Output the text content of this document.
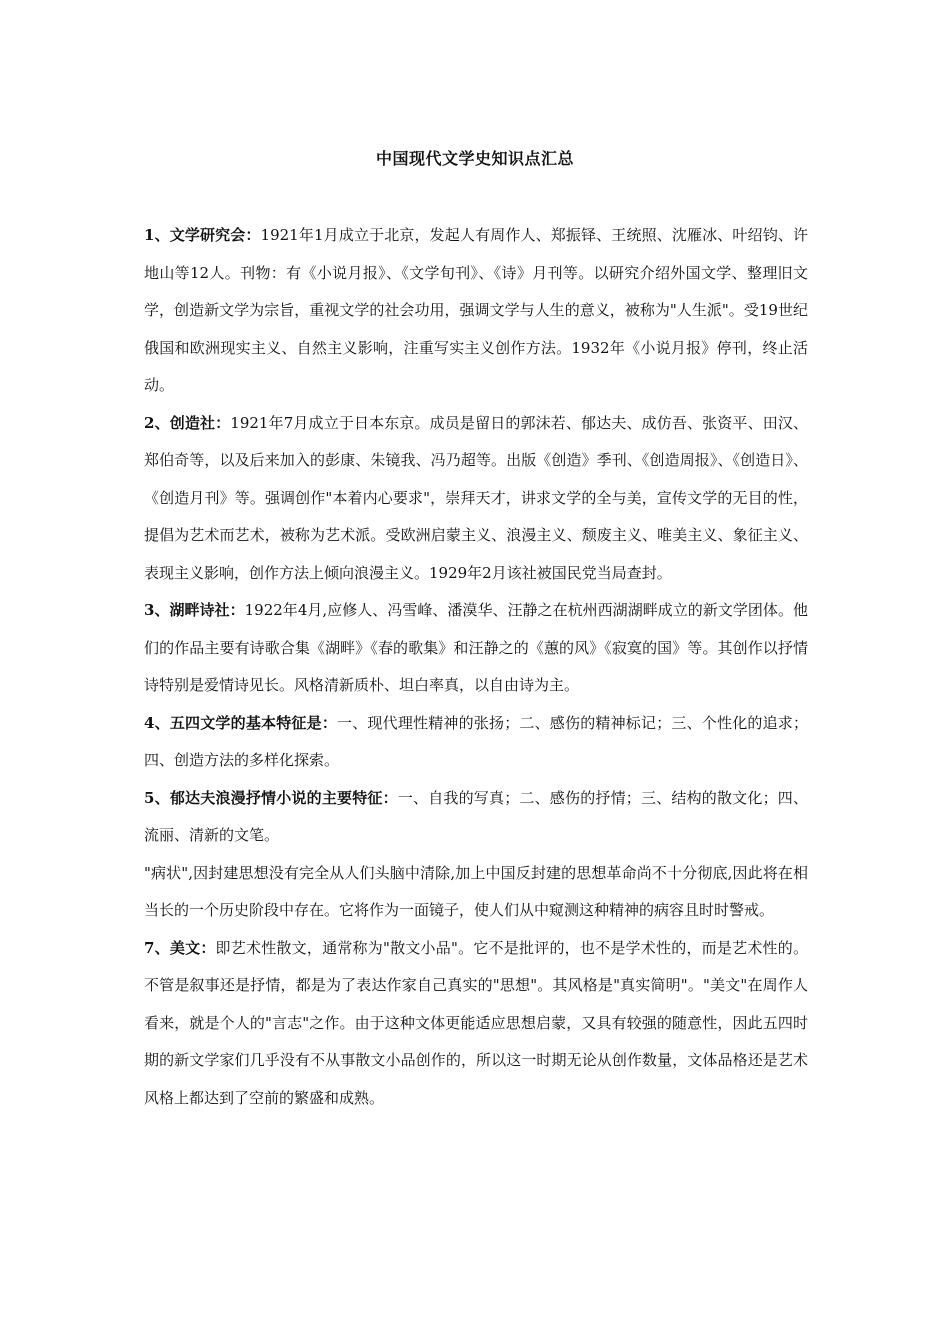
中国现代文学史知识点汇总

1、文学研究会：1921年1月成立于北京，发起人有周作人、郑振铎、王统照、沈雁冰、叶绍钧、许地山等12人。刊物：有《小说月报》、《文学旬刊》、《诗》月刊等。以研究介绍外国文学、整理旧文学，创造新文学为宗旨，重视文学的社会功用，强调文学与人生的意义，被称为"人生派"。受19世纪俄国和欧洲现实主义、自然主义影响，注重写实主义创作方法。1932年《小说月报》停刊，终止活动。

2、创造社：1921年7月成立于日本东京。成员是留日的郭沫若、郁达夫、成仿吾、张资平、田汉、郑伯奇等，以及后来加入的彭康、朱镜我、冯乃超等。出版《创造》季刊、《创造周报》、《创造日》、《创造月刊》等。强调创作"本着内心要求"，崇拜天才，讲求文学的全与美，宣传文学的无目的性，提倡为艺术而艺术，被称为艺术派。受欧洲启蒙主义、浪漫主义、颓废主义、唯美主义、象征主义、表现主义影响，创作方法上倾向浪漫主义。1929年2月该社被国民党当局查封。

3、湖畔诗社：1922年4月,应修人、冯雪峰、潘漠华、汪静之在杭州西湖湖畔成立的新文学团体。他们的作品主要有诗歌合集《湖畔》《春的歌集》和汪静之的《蕙的风》《寂寞的国》等。其创作以抒情诗特别是爱情诗见长。风格清新质朴、坦白率真，以自由诗为主。

4、五四文学的基本特征是：一、现代理性精神的张扬；二、感伤的精神标记；三、个性化的追求；四、创造方法的多样化探索。

5、郁达夫浪漫抒情小说的主要特征：一、自我的写真；二、感伤的抒情；三、结构的散文化；四、流丽、清新的文笔。

"病状",因封建思想没有完全从人们头脑中清除,加上中国反封建的思想革命尚不十分彻底,因此将在相当长的一个历史阶段中存在。它将作为一面镜子，使人们从中窥测这种精神的病容且时时警戒。

7、美文：即艺术性散文，通常称为"散文小品"。它不是批评的，也不是学术性的，而是艺术性的。不管是叙事还是抒情，都是为了表达作家自己真实的"思想"。其风格是"真实简明"。"美文"在周作人看来，就是个人的"言志"之作。由于这种文体更能适应思想启蒙，又具有较强的随意性，因此五四时期的新文学家们几乎没有不从事散文小品创作的，所以这一时期无论从创作数量，文体品格还是艺术风格上都达到了空前的繁盛和成熟。
